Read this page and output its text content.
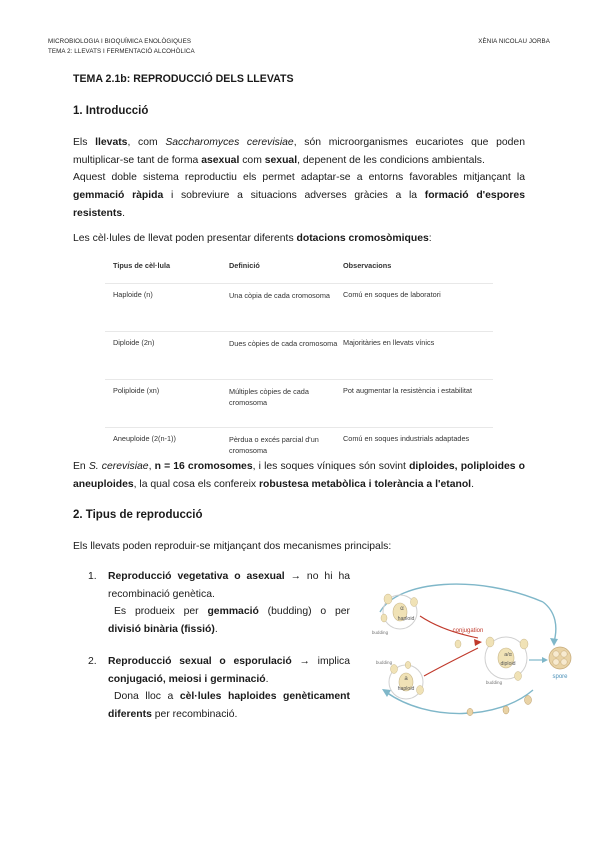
MICROBIOLOGIA I BIOQUÍMICA ENOLÒGIQUES
TEMA 2: LLEVATS I FERMENTACIÓ ALCOHÒLICA
XÈNIA NICOLAU JORBA
TEMA 2.1b: REPRODUCCIÓ DELS LLEVATS
1. Introducció
Els llevats, com Saccharomyces cerevisiae, són microorganismes eucariotes que poden multiplicar-se tant de forma asexual com sexual, depenent de les condicions ambientals.
Aquest doble sistema reproductiu els permet adaptar-se a entorns favorables mitjançant la gemmació ràpida i sobreviure a situacions adverses gràcies a la formació d'espores resistents.
Les cèl·lules de llevat poden presentar diferents dotacions cromosòmiques:
Tipus de cèl·lula	Definició	Observacions
Haploide (n)	Una còpia de cada cromosoma	Comú en soques de laboratori
Diploide (2n)	Dues còpies de cada cromosoma	Majoritàries en llevats vínics
Poliploide (xn)	Múltiples còpies de cada cromosoma	Pot augmentar la resistència i estabilitat
Aneuploide (2(n-1))	Pèrdua o excés parcial d'un cromosoma	Comú en soques industrials adaptades
En S. cerevisiae, n = 16 cromosomes, i les soques víniques són sovint diploides, poliploides o aneuploides, la qual cosa els confereix robustesa metabòlica i tolerància a l'etanol.
2. Tipus de reproducció
Els llevats poden reproduir-se mitjançant dos mecanismes principals:
1. Reproducció vegetativa o asexual → no hi ha recombinació genètica.
Es produeix per gemmació (budding) o per divisió binària (fissió).
2. Reproducció sexual o esporulació → implica conjugació, meiosi i germinació.
Dona lloc a cèl·lules haploides genèticament diferents per recombinació.
α
haploid
budding
a
haploid
budding
conjugation
a/α
diploid
budding
spore
